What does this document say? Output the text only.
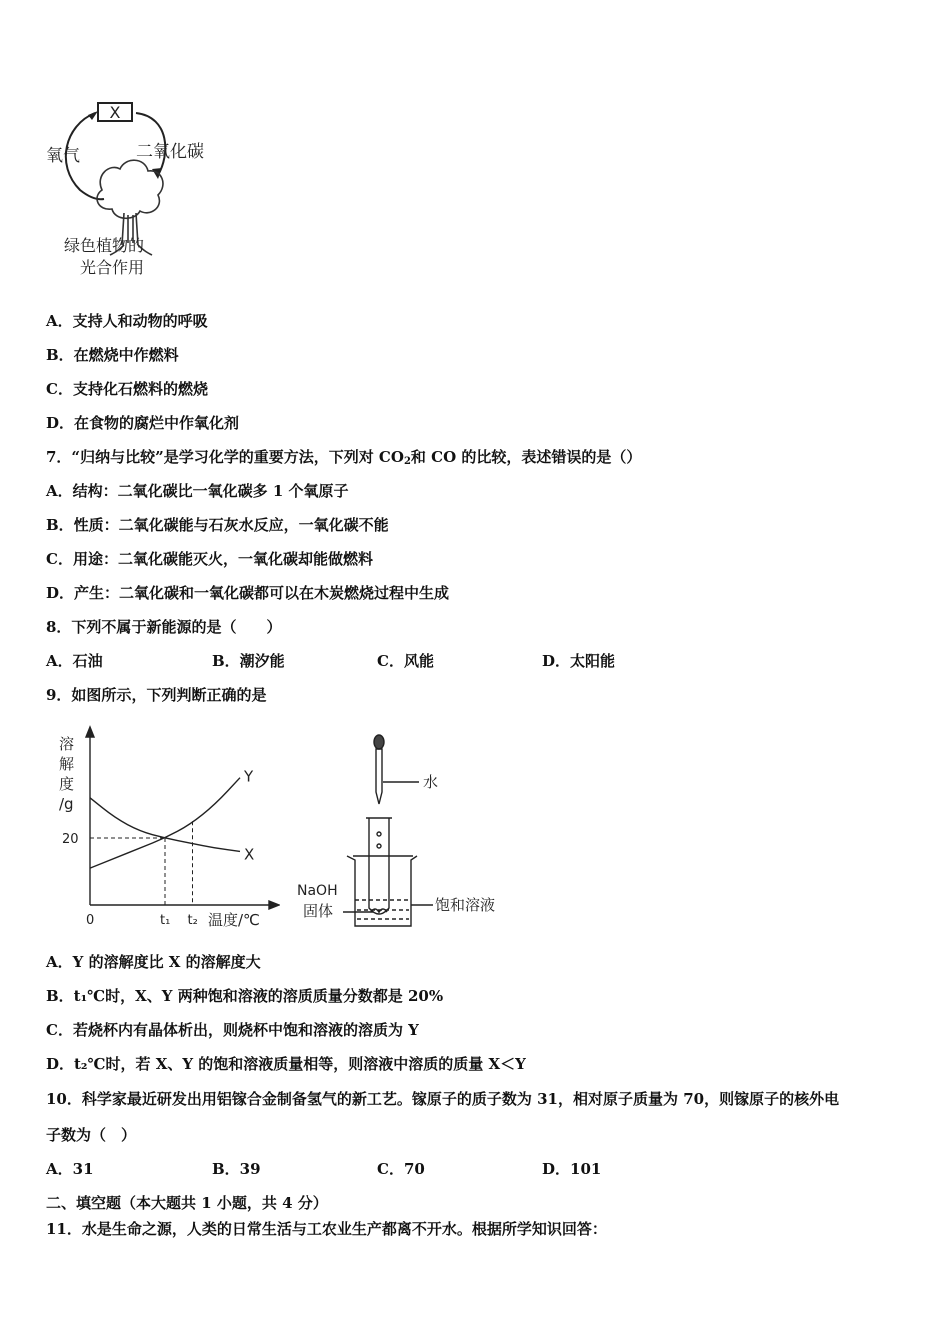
X
氧气	二氧化碳
绿色植物的
光合作用
A．支持人和动物的呼吸
B．在燃烧中作燃料
C．支持化石燃料的燃烧
D．在食物的腐烂中作氧化剂
7．“归纳与比较”是学习化学的重要方法，下列对 $CO_2$和 CO 的比较，表述错误的是（）
A．结构：二氧化碳比一氧化碳多 1 个氧原子
B．性质：二氧化碳能与石灰水反应，一氧化碳不能
C．用途：二氧化碳能灭火，一氧化碳却能做燃料
D．产生：二氧化碳和一氧化碳都可以在木炭燃烧过程中生成
8．下列不属于新能源的是（　　）
A．石油	B．潮汐能	C．风能	D．太阳能
9．如图所示，下列判断正确的是
溶
解
度
/g
0	温度/℃
X
Y
20
t₁ t₂
水
NaOH
固体	饱和溶液
A．Y 的溶解度比 X 的溶解度大
B．t₁℃时，X、Y 两种饱和溶液的溶质质量分数都是 20%
C．若烧杯内有晶体析出，则烧杯中饱和溶液的溶质为 Y
D．t₂℃时，若 X、Y 的饱和溶液质量相等，则溶液中溶质的质量 X＜Y
10．科学家最近研发出用铝镓合金制备氢气的新工艺。镓原子的质子数为 31，相对原子质量为 70，则镓原子的核外电
子数为（　）
A．31	B．39	C．70	D．101
二、填空题（本大题共 1 小题，共 4 分）
11．水是生命之源，人类的日常生活与工农业生产都离不开水。根据所学知识回答：
